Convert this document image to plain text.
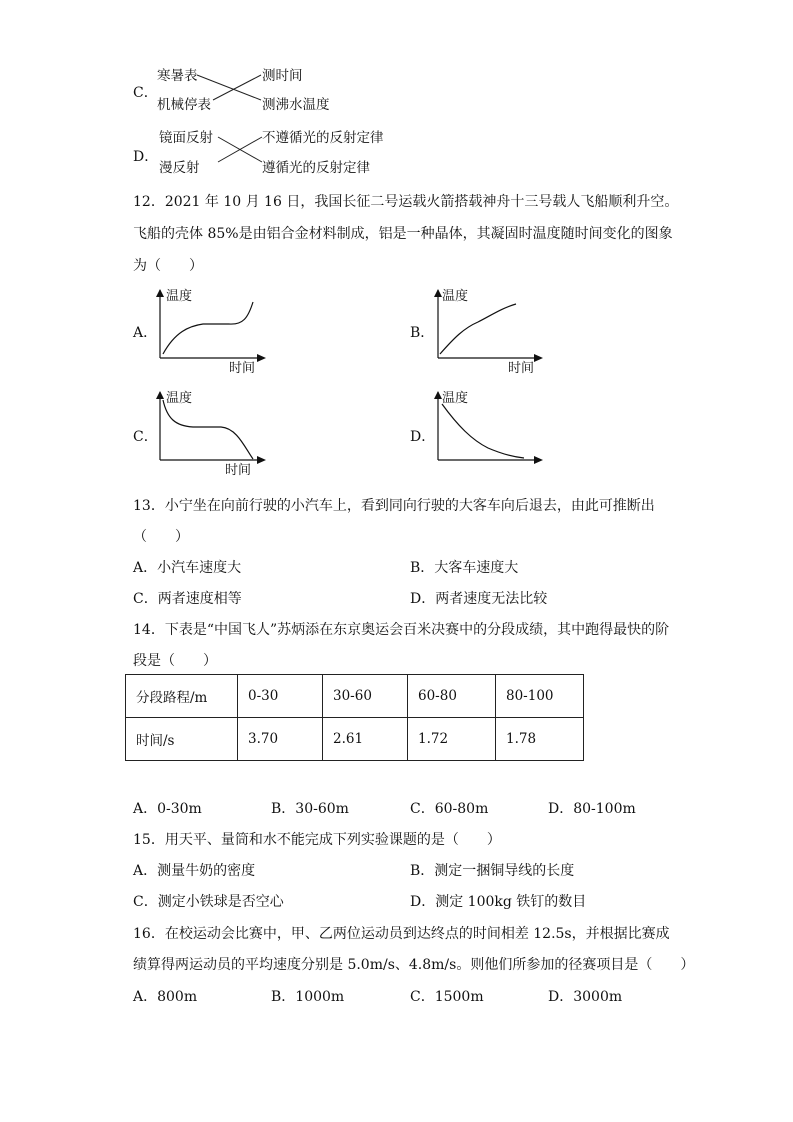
C．
寒暑表
机械停表
测时间
测沸水温度
D．
镜面反射
漫反射
不遵循光的反射定律
遵循光的反射定律
12．2021 年 10 月 16 日，我国长征二号运载火箭搭载神舟十三号载人飞船顺利升空。
飞船的壳体 85%是由铝合金材料制成，铝是一种晶体，其凝固时温度随时间变化的图象
为（　　）
A．
温度
时间
B．
温度
时间
C．
温度
时间
D．
温度
13．小宁坐在向前行驶的小汽车上，看到同向行驶的大客车向后退去，由此可推断出
（　　）
A．小汽车速度大	B．大客车速度大
C．两者速度相等	D．两者速度无法比较
14．下表是“中国飞人”苏炳添在东京奥运会百米决赛中的分段成绩，其中跑得最快的阶
段是（　　）
分段路程/m	0-30	30-60	60-80	80-100
时间/s	3.70	2.61	1.72	1.78
A．0-30m	B．30-60m	C．60-80m	D．80-100m
15．用天平、量筒和水不能完成下列实验课题的是（　　）
A．测量牛奶的密度	B．测定一捆铜导线的长度
C．测定小铁球是否空心	D．测定 100kg 铁钉的数目
16．在校运动会比赛中，甲、乙两位运动员到达终点的时间相差 12.5s，并根据比赛成
绩算得两运动员的平均速度分别是 5.0m/s、4.8m/s。则他们所参加的径赛项目是（　　）
A．800m	B．1000m	C．1500m	D．3000m
